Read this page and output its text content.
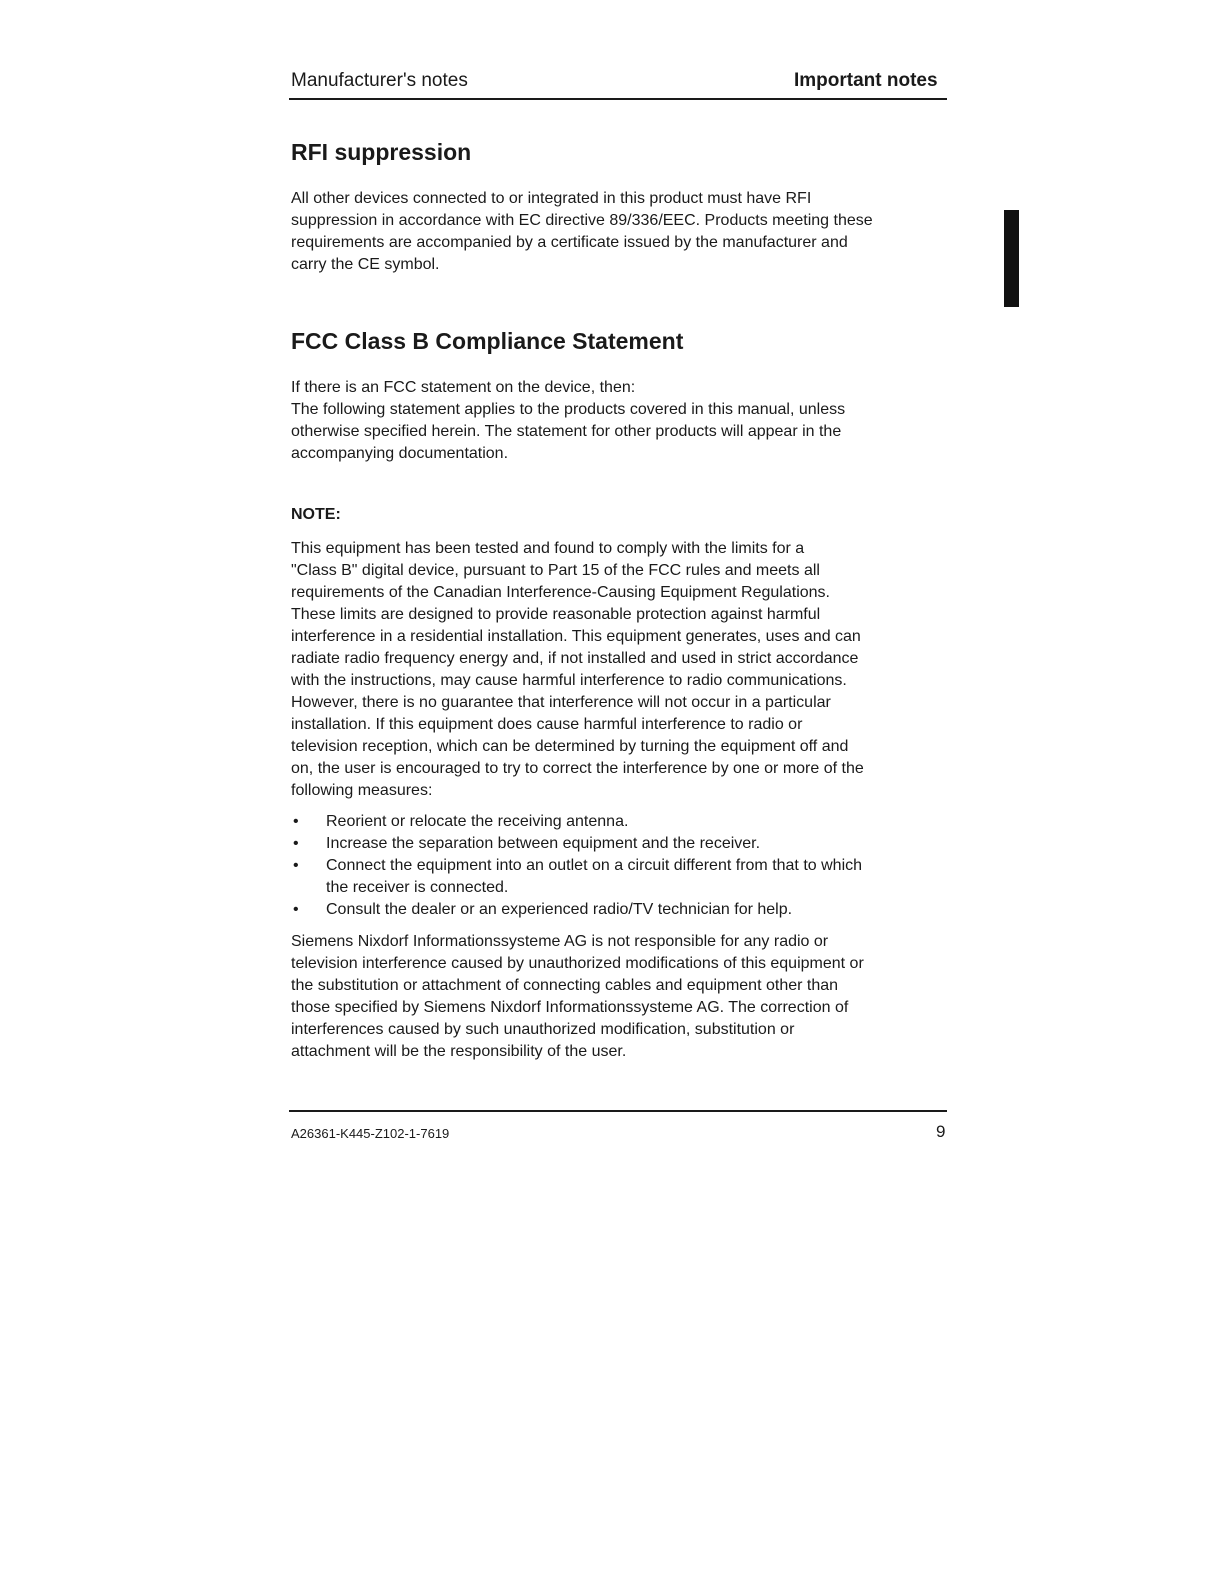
Manufacturer's notes	Important notes
RFI suppression

All other devices connected to or integrated in this product must have RFI
suppression in accordance with EC directive 89/336/EEC. Products meeting these
requirements are accompanied by a certificate issued by the manufacturer and
carry the CE symbol.

FCC Class B Compliance Statement

If there is an FCC statement on the device, then:
The following statement applies to the products covered in this manual, unless
otherwise specified herein. The statement for other products will appear in the
accompanying documentation.

NOTE:

This equipment has been tested and found to comply with the limits for a
"Class B" digital device, pursuant to Part 15 of the FCC rules and meets all
requirements of the Canadian Interference-Causing Equipment Regulations.
These limits are designed to provide reasonable protection against harmful
interference in a residential installation. This equipment generates, uses and can
radiate radio frequency energy and, if not installed and used in strict accordance
with the instructions, may cause harmful interference to radio communications.
However, there is no guarantee that interference will not occur in a particular
installation. If this equipment does cause harmful interference to radio or
television reception, which can be determined by turning the equipment off and
on, the user is encouraged to try to correct the interference by one or more of the
following measures:

• Reorient or relocate the receiving antenna.
• Increase the separation between equipment and the receiver.
• Connect the equipment into an outlet on a circuit different from that to which
the receiver is connected.
• Consult the dealer or an experienced radio/TV technician for help.

Siemens Nixdorf Informationssysteme AG is not responsible for any radio or
television interference caused by unauthorized modifications of this equipment or
the substitution or attachment of connecting cables and equipment other than
those specified by Siemens Nixdorf Informationssysteme AG. The correction of
interferences caused by such unauthorized modification, substitution or
attachment will be the responsibility of the user.

A26361-K445-Z102-1-7619	9
